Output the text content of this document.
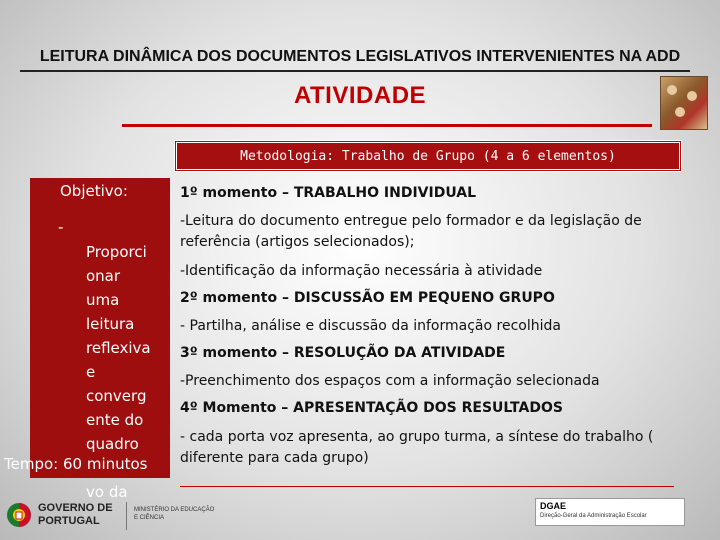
LEITURA DINÂMICA DOS DOCUMENTOS LEGISLATIVOS INTERVENIENTES NA ADD
ATIVIDADE
Metodologia: Trabalho de Grupo (4 a 6 elementos)
Objetivo:
-
Proporci
onar
uma
leitura
reflexiva
e
converg
ente do
quadro

vo da
Tempo: 60 minutos
1º momento – TRABALHO INDIVIDUAL
-Leitura do documento entregue pelo formador e da legislação de referência (artigos selecionados);
-Identificação da informação necessária à atividade
2º momento – DISCUSSÃO EM PEQUENO GRUPO
- Partilha, análise e discussão da informação recolhida
3º momento – RESOLUÇÃO DA ATIVIDADE
-Preenchimento dos espaços com a informação selecionada
4º Momento – APRESENTAÇÃO DOS RESULTADOS
- cada porta voz apresenta, ao grupo turma, a síntese do trabalho ( diferente para cada grupo)
GOVERNO DE
PORTUGAL
MINISTÉRIO DA EDUCAÇÃO
E CIÊNCIA
DGAE
Direção-Geral da Administração Escolar
